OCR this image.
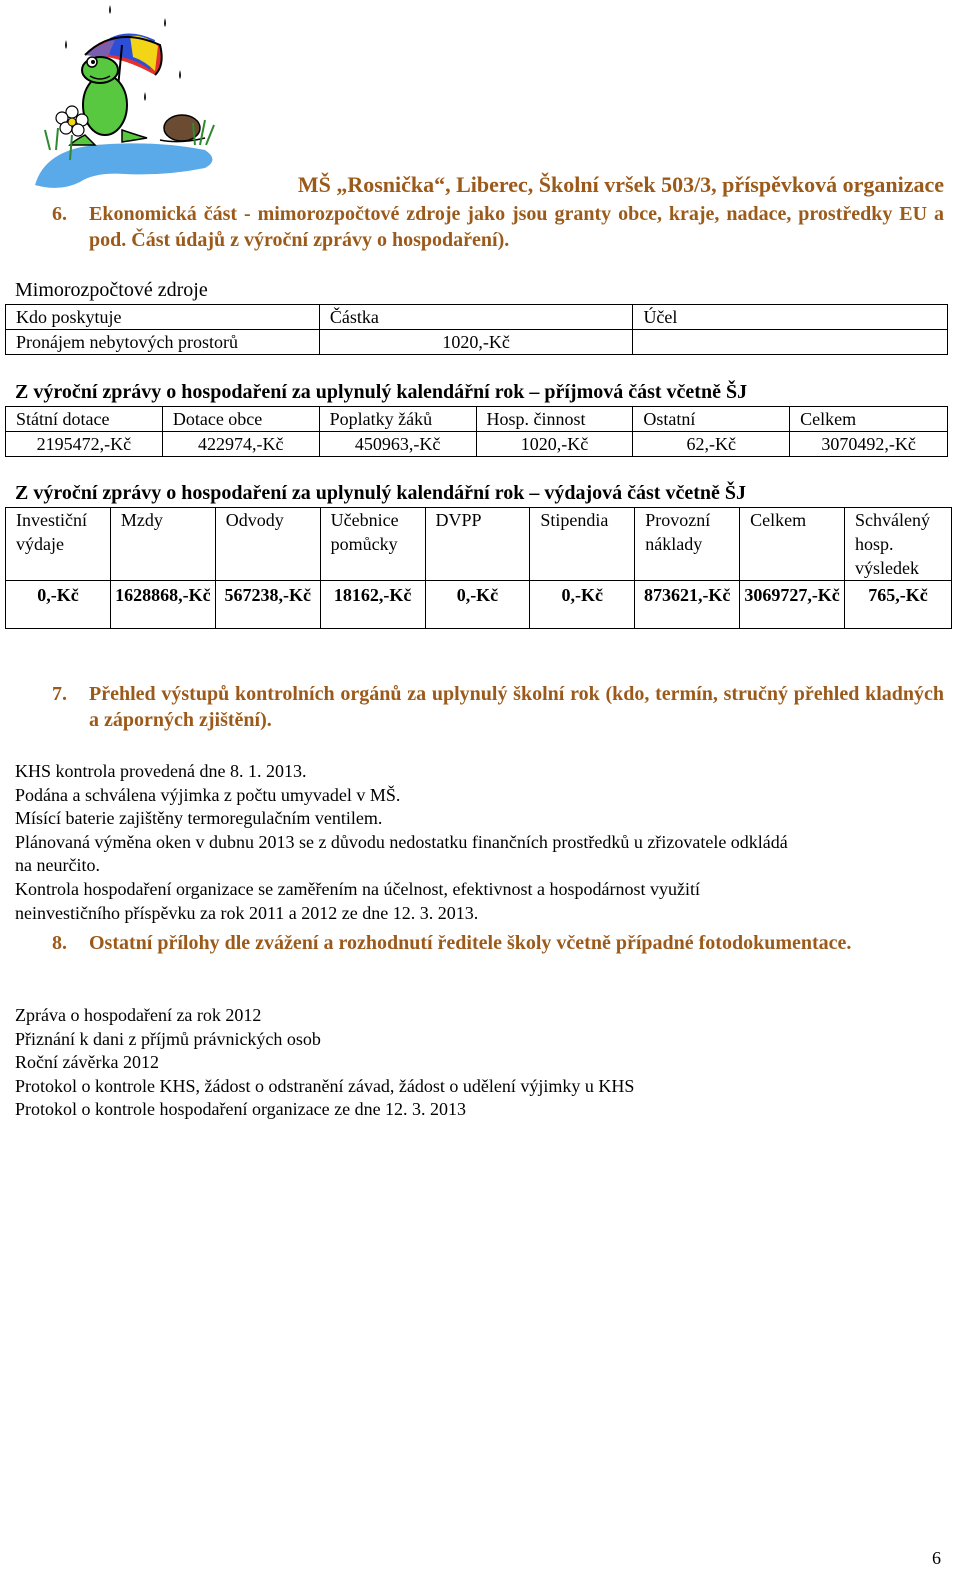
MŠ „Rosnička“, Liberec, Školní vršek 503/3, příspěvková organizace
6. Ekonomická část - mimorozpočtové zdroje jako jsou granty obce, kraje, nadace, prostředky EU a pod. Část údajů z výroční zprávy o hospodaření).
Mimorozpočtové zdroje
Kdo poskytuje	Částka	Účel
Pronájem nebytových prostorů	1020,-Kč	
Z výroční zprávy o hospodaření za uplynulý kalendářní rok – příjmová část včetně ŠJ
Státní dotace	Dotace obce	Poplatky žáků	Hosp. činnost	Ostatní	Celkem
2195472,-Kč	422974,-Kč	450963,-Kč	1020,-Kč	62,-Kč	3070492,-Kč
Z výroční zprávy o hospodaření za uplynulý kalendářní rok – výdajová část včetně ŠJ
Investiční výdaje	Mzdy	Odvody	Učebnice pomůcky	DVPP	Stipendia	Provozní náklady	Celkem	Schválený hosp. výsledek
0,-Kč	1628868,-Kč	567238,-Kč	18162,-Kč	0,-Kč	0,-Kč	873621,-Kč	3069727,-Kč	765,-Kč
7. Přehled výstupů kontrolních orgánů za uplynulý školní rok (kdo, termín, stručný přehled kladných a záporných zjištění).
KHS kontrola provedená dne 8. 1. 2013.
Podána a schválena výjimka z počtu umyvadel v MŠ.
Mísící baterie zajištěny termoregulačním ventilem.
Plánovaná výměna oken v dubnu 2013 se z důvodu nedostatku finančních prostředků u zřizovatele odkládá
na neurčito.
Kontrola hospodaření organizace se zaměřením na účelnost, efektivnost a hospodárnost využití
neinvestičního příspěvku za rok 2011 a 2012 ze dne 12. 3. 2013.
8. Ostatní přílohy dle zvážení a rozhodnutí ředitele školy včetně případné fotodokumentace.
Zpráva o hospodaření za rok 2012
Přiznání k dani z příjmů právnických osob
Roční závěrka 2012
Protokol o kontrole KHS, žádost o odstranění závad, žádost o udělení výjimky u KHS
Protokol o kontrole hospodaření organizace ze dne 12. 3. 2013
6
